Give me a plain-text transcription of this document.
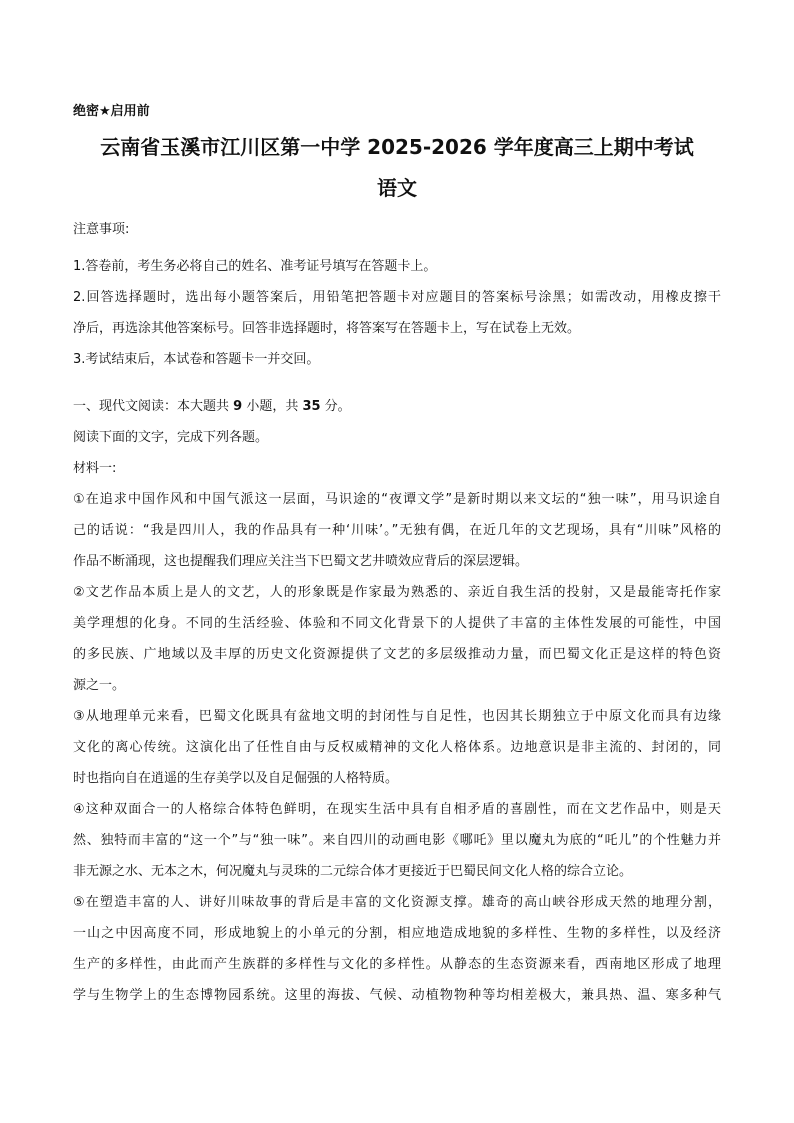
绝密★启用前
云南省玉溪市江川区第一中学 2025-2026 学年度高三上期中考试
语文
注意事项:
1.答卷前，考生务必将自己的姓名、准考证号填写在答题卡上。
2.回答选择题时，选出每小题答案后，用铅笔把答题卡对应题目的答案标号涂黑；如需改动，用橡皮擦干
净后，再选涂其他答案标号。回答非选择题时，将答案写在答题卡上，写在试卷上无效。
3.考试结束后，本试卷和答题卡一并交回。
一、现代文阅读：本大题共 9 小题，共 35 分。
阅读下面的文字，完成下列各题。
材料一:
①在追求中国作风和中国气派这一层面，马识途的“夜谭文学”是新时期以来文坛的“独一味”，用马识途自
己的话说：“我是四川人，我的作品具有一种‘川味’。”无独有偶，在近几年的文艺现场，具有“川味”风格的
作品不断涌现，这也提醒我们理应关注当下巴蜀文艺井喷效应背后的深层逻辑。
②文艺作品本质上是人的文艺，人的形象既是作家最为熟悉的、亲近自我生活的投射，又是最能寄托作家
美学理想的化身。不同的生活经验、体验和不同文化背景下的人提供了丰富的主体性发展的可能性，中国
的多民族、广地域以及丰厚的历史文化资源提供了文艺的多层级推动力量，而巴蜀文化正是这样的特色资
源之一。
③从地理单元来看，巴蜀文化既具有盆地文明的封闭性与自足性，也因其长期独立于中原文化而具有边缘
文化的离心传统。这演化出了任性自由与反权威精神的文化人格体系。边地意识是非主流的、封闭的，同
时也指向自在逍遥的生存美学以及自足倔强的人格特质。
④这种双面合一的人格综合体特色鲜明，在现实生活中具有自相矛盾的喜剧性，而在文艺作品中，则是天
然、独特而丰富的“这一个”与“独一味”。来自四川的动画电影《哪吒》里以魔丸为底的“吒儿”的个性魅力并
非无源之水、无本之木，何况魔丸与灵珠的二元综合体才更接近于巴蜀民间文化人格的综合立论。
⑤在塑造丰富的人、讲好川味故事的背后是丰富的文化资源支撑。雄奇的高山峡谷形成天然的地理分割，
一山之中因高度不同，形成地貌上的小单元的分割，相应地造成地貌的多样性、生物的多样性，以及经济
生产的多样性，由此而产生族群的多样性与文化的多样性。从静态的生态资源来看，西南地区形成了地理
学与生物学上的生态博物园系统。这里的海拔、气候、动植物物种等均相差极大，兼具热、温、寒多种气
